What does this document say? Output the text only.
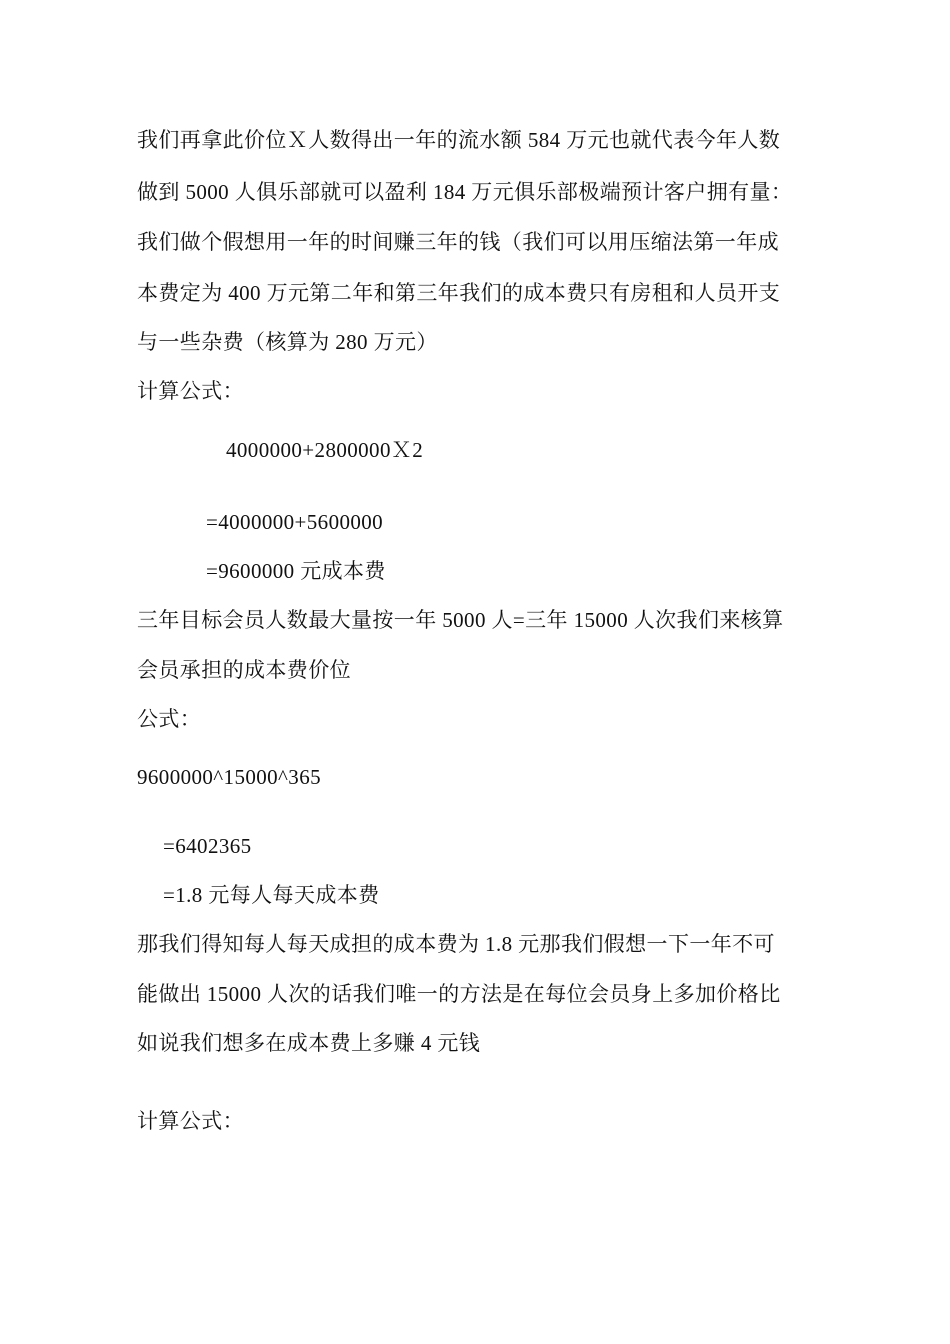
我们再拿此价位Ｘ人数得出一年的流水额 584 万元也就代表今年人数
做到 5000 人俱乐部就可以盈利 184 万元俱乐部极端预计客户拥有量：
我们做个假想用一年的时间赚三年的钱（我们可以用压缩法第一年成
本费定为 400 万元第二年和第三年我们的成本费只有房租和人员开支
与一些杂费（核算为 280 万元）
计算公式：
4000000+2800000Ｘ2
=4000000+5600000
=9600000 元成本费
三年目标会员人数最大量按一年 5000 人=三年 15000 人次我们来核算
会员承担的成本费价位
公式：
9600000^15000^365
=6402365
=1.8 元每人每天成本费
那我们得知每人每天成担的成本费为 1.8 元那我们假想一下一年不可
能做出 15000 人次的话我们唯一的方法是在每位会员身上多加价格比
如说我们想多在成本费上多赚 4 元钱
计算公式：
